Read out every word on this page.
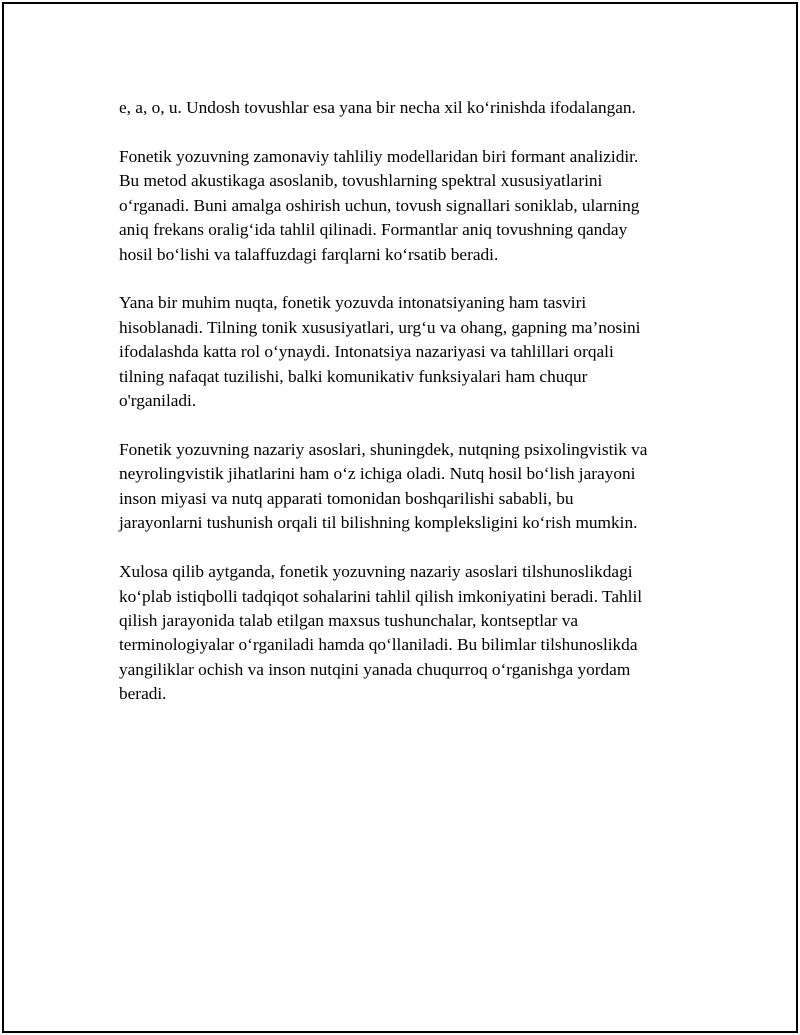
e, a, o, u. Undosh tovushlar esa yana bir necha xil ko‘rinishda ifodalangan.

Fonetik yozuvning zamonaviy tahliliy modellaridan biri formant analizidir.
Bu metod akustikaga asoslanib, tovushlarning spektral xususiyatlarini
o‘rganadi. Buni amalga oshirish uchun, tovush signallari soniklab, ularning
aniq frekans oralig‘ida tahlil qilinadi. Formantlar aniq tovushning qanday
hosil bo‘lishi va talaffuzdagi farqlarni ko‘rsatib beradi.

Yana bir muhim nuqta, fonetik yozuvda intonatsiyaning ham tasviri
hisoblanadi. Tilning tonik xususiyatlari, urg‘u va ohang, gapning ma’nosini
ifodalashda katta rol o‘ynaydi. Intonatsiya nazariyasi va tahlillari orqali
tilning nafaqat tuzilishi, balki komunikativ funksiyalari ham chuqur
o'rganiladi.

Fonetik yozuvning nazariy asoslari, shuningdek, nutqning psixolingvistik va
neyrolingvistik jihatlarini ham o‘z ichiga oladi. Nutq hosil bo‘lish jarayoni
inson miyasi va nutq apparati tomonidan boshqarilishi sababli, bu
jarayonlarni tushunish orqali til bilishning kompleksligini ko‘rish mumkin.

Xulosa qilib aytganda, fonetik yozuvning nazariy asoslari tilshunoslikdagi
ko‘plab istiqbolli tadqiqot sohalarini tahlil qilish imkoniyatini beradi. Tahlil
qilish jarayonida talab etilgan maxsus tushunchalar, kontseptlar va
terminologiyalar o‘rganiladi hamda qo‘llaniladi. Bu bilimlar tilshunoslikda
yangiliklar ochish va inson nutqini yanada chuqurroq o‘rganishga yordam
beradi.
